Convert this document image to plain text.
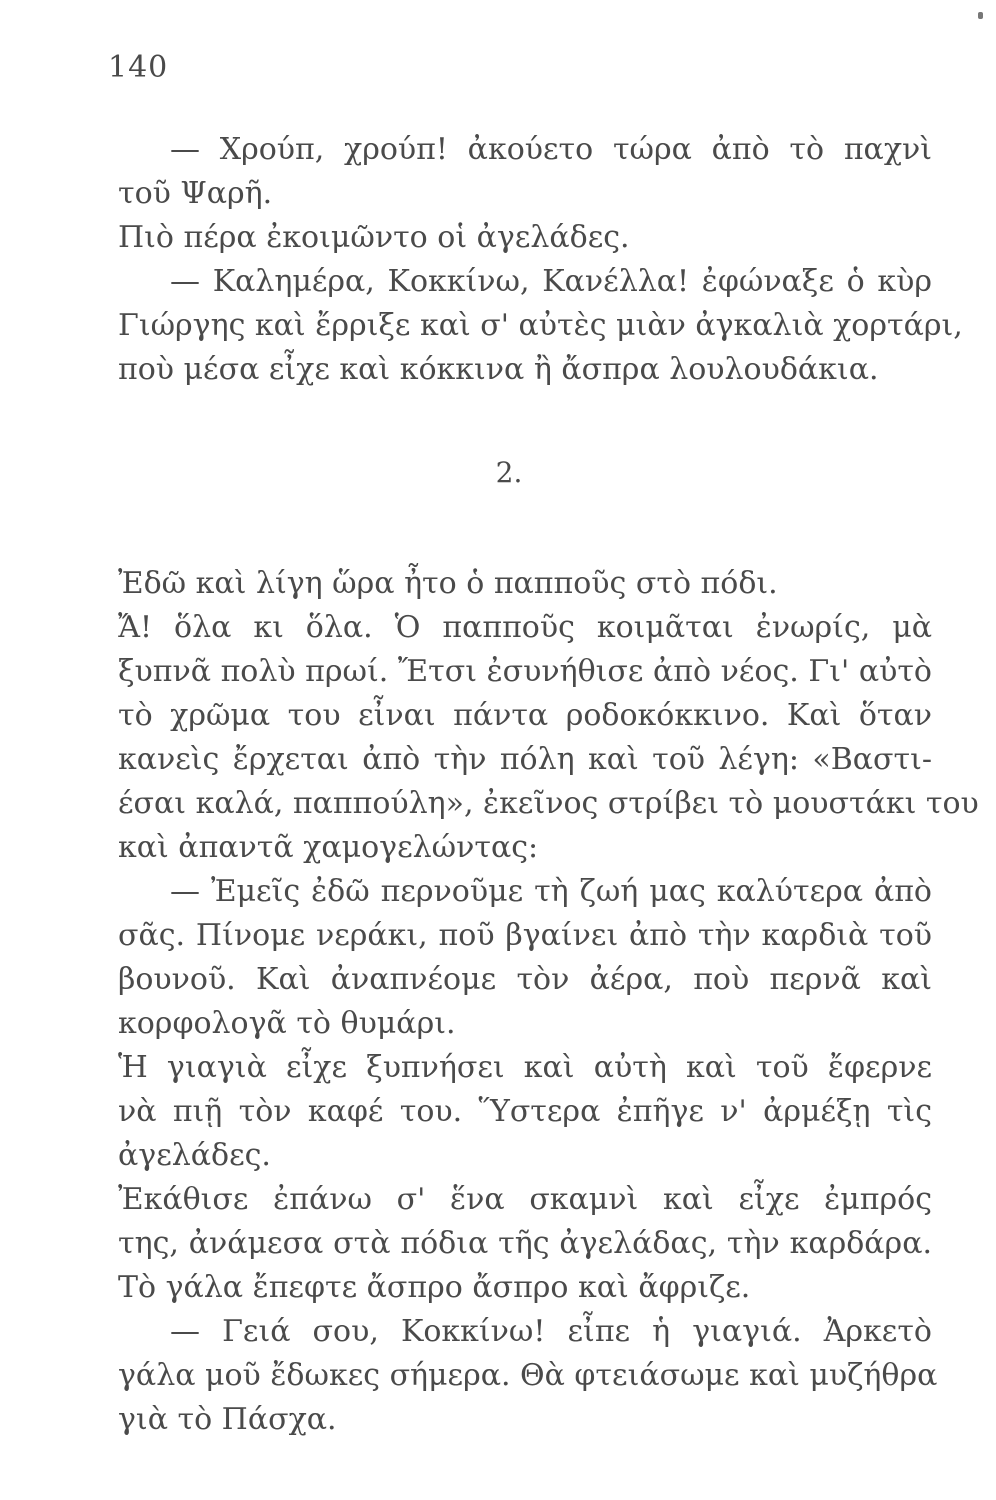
140
— Χρούπ, χρούπ! ἀκούετο τώρα ἀπὸ τὸ παχνὶ
τοῦ Ψαρῆ.
Πιὸ πέρα ἐκοιμῶντο οἱ ἀγελάδες.
— Καλημέρα, Κοκκίνω, Κανέλλα! ἐφώναξε ὁ κὺρ
Γιώργης καὶ ἔρριξε καὶ σ' αὐτὲς μιὰν ἀγκαλιὰ χορτάρι,
ποὺ μέσα εἶχε καὶ κόκκινα ἢ ἄσπρα λουλουδάκια.
2.
Ἐδῶ καὶ λίγη ὥρα ἦτο ὁ παπποῦς στὸ πόδι.
Ἄ! ὅλα κι ὅλα. Ὁ παπποῦς κοιμᾶται ἐνωρίς, μὰ
ξυπνᾶ πολὺ πρωί. Ἔτσι ἐσυνήθισε ἀπὸ νέος. Γι' αὐτὸ
τὸ χρῶμα του εἶναι πάντα ροδοκόκκινο. Καὶ ὅταν
κανεὶς ἔρχεται ἀπὸ τὴν πόλη καὶ τοῦ λέγη: «Βαστι-
έσαι καλά, παππούλη», ἐκεῖνος στρίβει τὸ μουστάκι του
καὶ ἀπαντᾶ χαμογελώντας:
— Ἐμεῖς ἐδῶ περνοῦμε τὴ ζωή μας καλύτερα ἀπὸ
σᾶς. Πίνομε νεράκι, ποῦ βγαίνει ἀπὸ τὴν καρδιὰ τοῦ
βουνοῦ. Καὶ ἀναπνέομε τὸν ἀέρα, ποὺ περνᾶ καὶ
κορφολογᾶ τὸ θυμάρι.
Ἡ γιαγιὰ εἶχε ξυπνήσει καὶ αὐτὴ καὶ τοῦ ἔφερνε
νὰ πιῇ τὸν καφέ του. Ὕστερα ἐπῆγε ν' ἀρμέξῃ τὶς
ἀγελάδες.
Ἐκάθισε ἐπάνω σ' ἕνα σκαμνὶ καὶ εἶχε ἐμπρός
της, ἀνάμεσα στὰ πόδια τῆς ἀγελάδας, τὴν καρδάρα.
Τὸ γάλα ἔπεφτε ἄσπρο ἄσπρο καὶ ἄφριζε.
— Γειά σου, Κοκκίνω! εἶπε ἡ γιαγιά. Ἀρκετὸ
γάλα μοῦ ἔδωκες σήμερα. Θὰ φτειάσωμε καὶ μυζήθρα
γιὰ τὸ Πάσχα.
